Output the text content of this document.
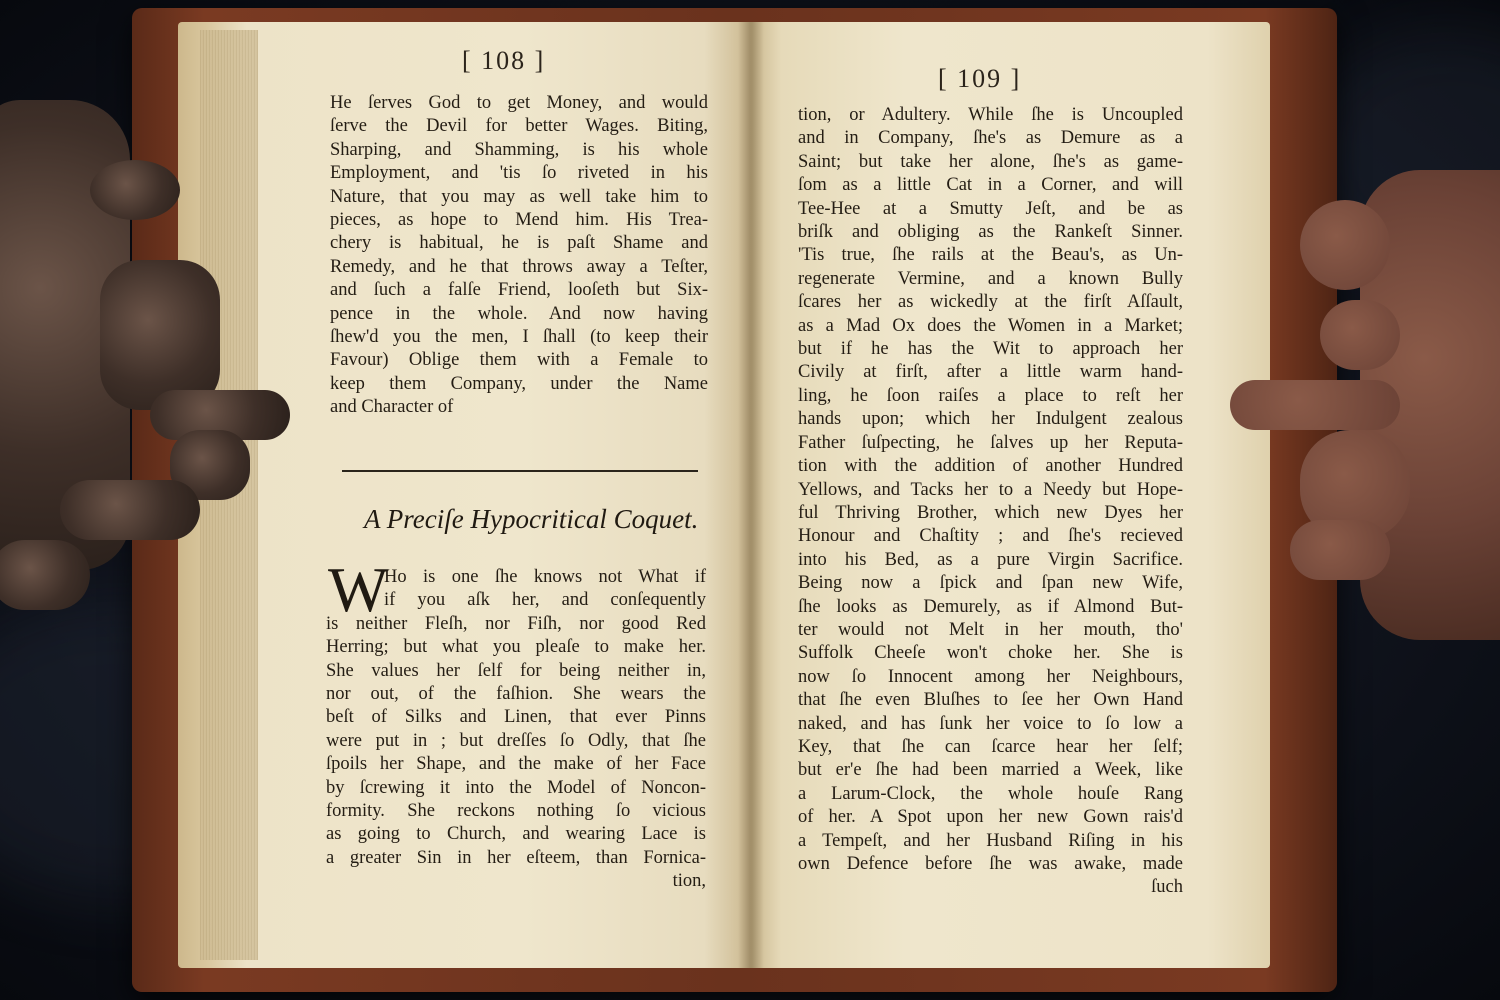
[ 108 ]
[ 109 ]
He ſerves God to get Money, and would
ſerve the Devil for better Wages. Biting,
Sharping, and Shamming, is his whole
Employment, and 'tis ſo riveted in his
Nature, that you may as well take him to
pieces, as hope to Mend him. His Trea-
chery is habitual, he is paſt Shame and
Remedy, and he that throws away a Teſter,
and ſuch a falſe Friend, looſeth but Six-
pence in the whole. And now having
ſhew'd you the men, I ſhall (to keep their
Favour) Oblige them with a Female to
keep them Company, under the Name
and Character of
A Preciſe Hypocritical Coquet.
W
Ho is one ſhe knows not What if
if you aſk her, and conſequently
is neither Fleſh, nor Fiſh, nor good Red
Herring; but what you pleaſe to make her.
She values her ſelf for being neither in,
nor out, of the faſhion. She wears the
beſt of Silks and Linen, that ever Pinns
were put in ; but dreſſes ſo Odly, that ſhe
ſpoils her Shape, and the make of her Face
by ſcrewing it into the Model of Noncon-
formity. She reckons nothing ſo vicious
as going to Church, and wearing Lace is
a greater Sin in her eſteem, than Fornica-
tion,
tion, or Adultery. While ſhe is Uncoupled
and in Company, ſhe's as Demure as a
Saint; but take her alone, ſhe's as game-
ſom as a little Cat in a Corner, and will
Tee-Hee at a Smutty Jeſt, and be as
briſk and obliging as the Rankeſt Sinner.
'Tis true, ſhe rails at the Beau's, as Un-
regenerate Vermine, and a known Bully
ſcares her as wickedly at the firſt Aſſault,
as a Mad Ox does the Women in a Market;
but if he has the Wit to approach her
Civily at firſt, after a little warm hand-
ling, he ſoon raiſes a place to reſt her
hands upon; which her Indulgent zealous
Father ſuſpecting, he ſalves up her Reputa-
tion with the addition of another Hundred
Yellows, and Tacks her to a Needy but Hope-
ful Thriving Brother, which new Dyes her
Honour and Chaſtity ; and ſhe's recieved
into his Bed, as a pure Virgin Sacrifice.
Being now a ſpick and ſpan new Wife,
ſhe looks as Demurely, as if Almond But-
ter would not Melt in her mouth, tho'
Suffolk Cheeſe won't choke her. She is
now ſo Innocent among her Neighbours,
that ſhe even Bluſhes to ſee her Own Hand
naked, and has ſunk her voice to ſo low a
Key, that ſhe can ſcarce hear her ſelf;
but er'e ſhe had been married a Week, like
a Larum-Clock, the whole houſe Rang
of her. A Spot upon her new Gown rais'd
a Tempeſt, and her Husband Riſing in his
own Defence before ſhe was awake, made
ſuch
